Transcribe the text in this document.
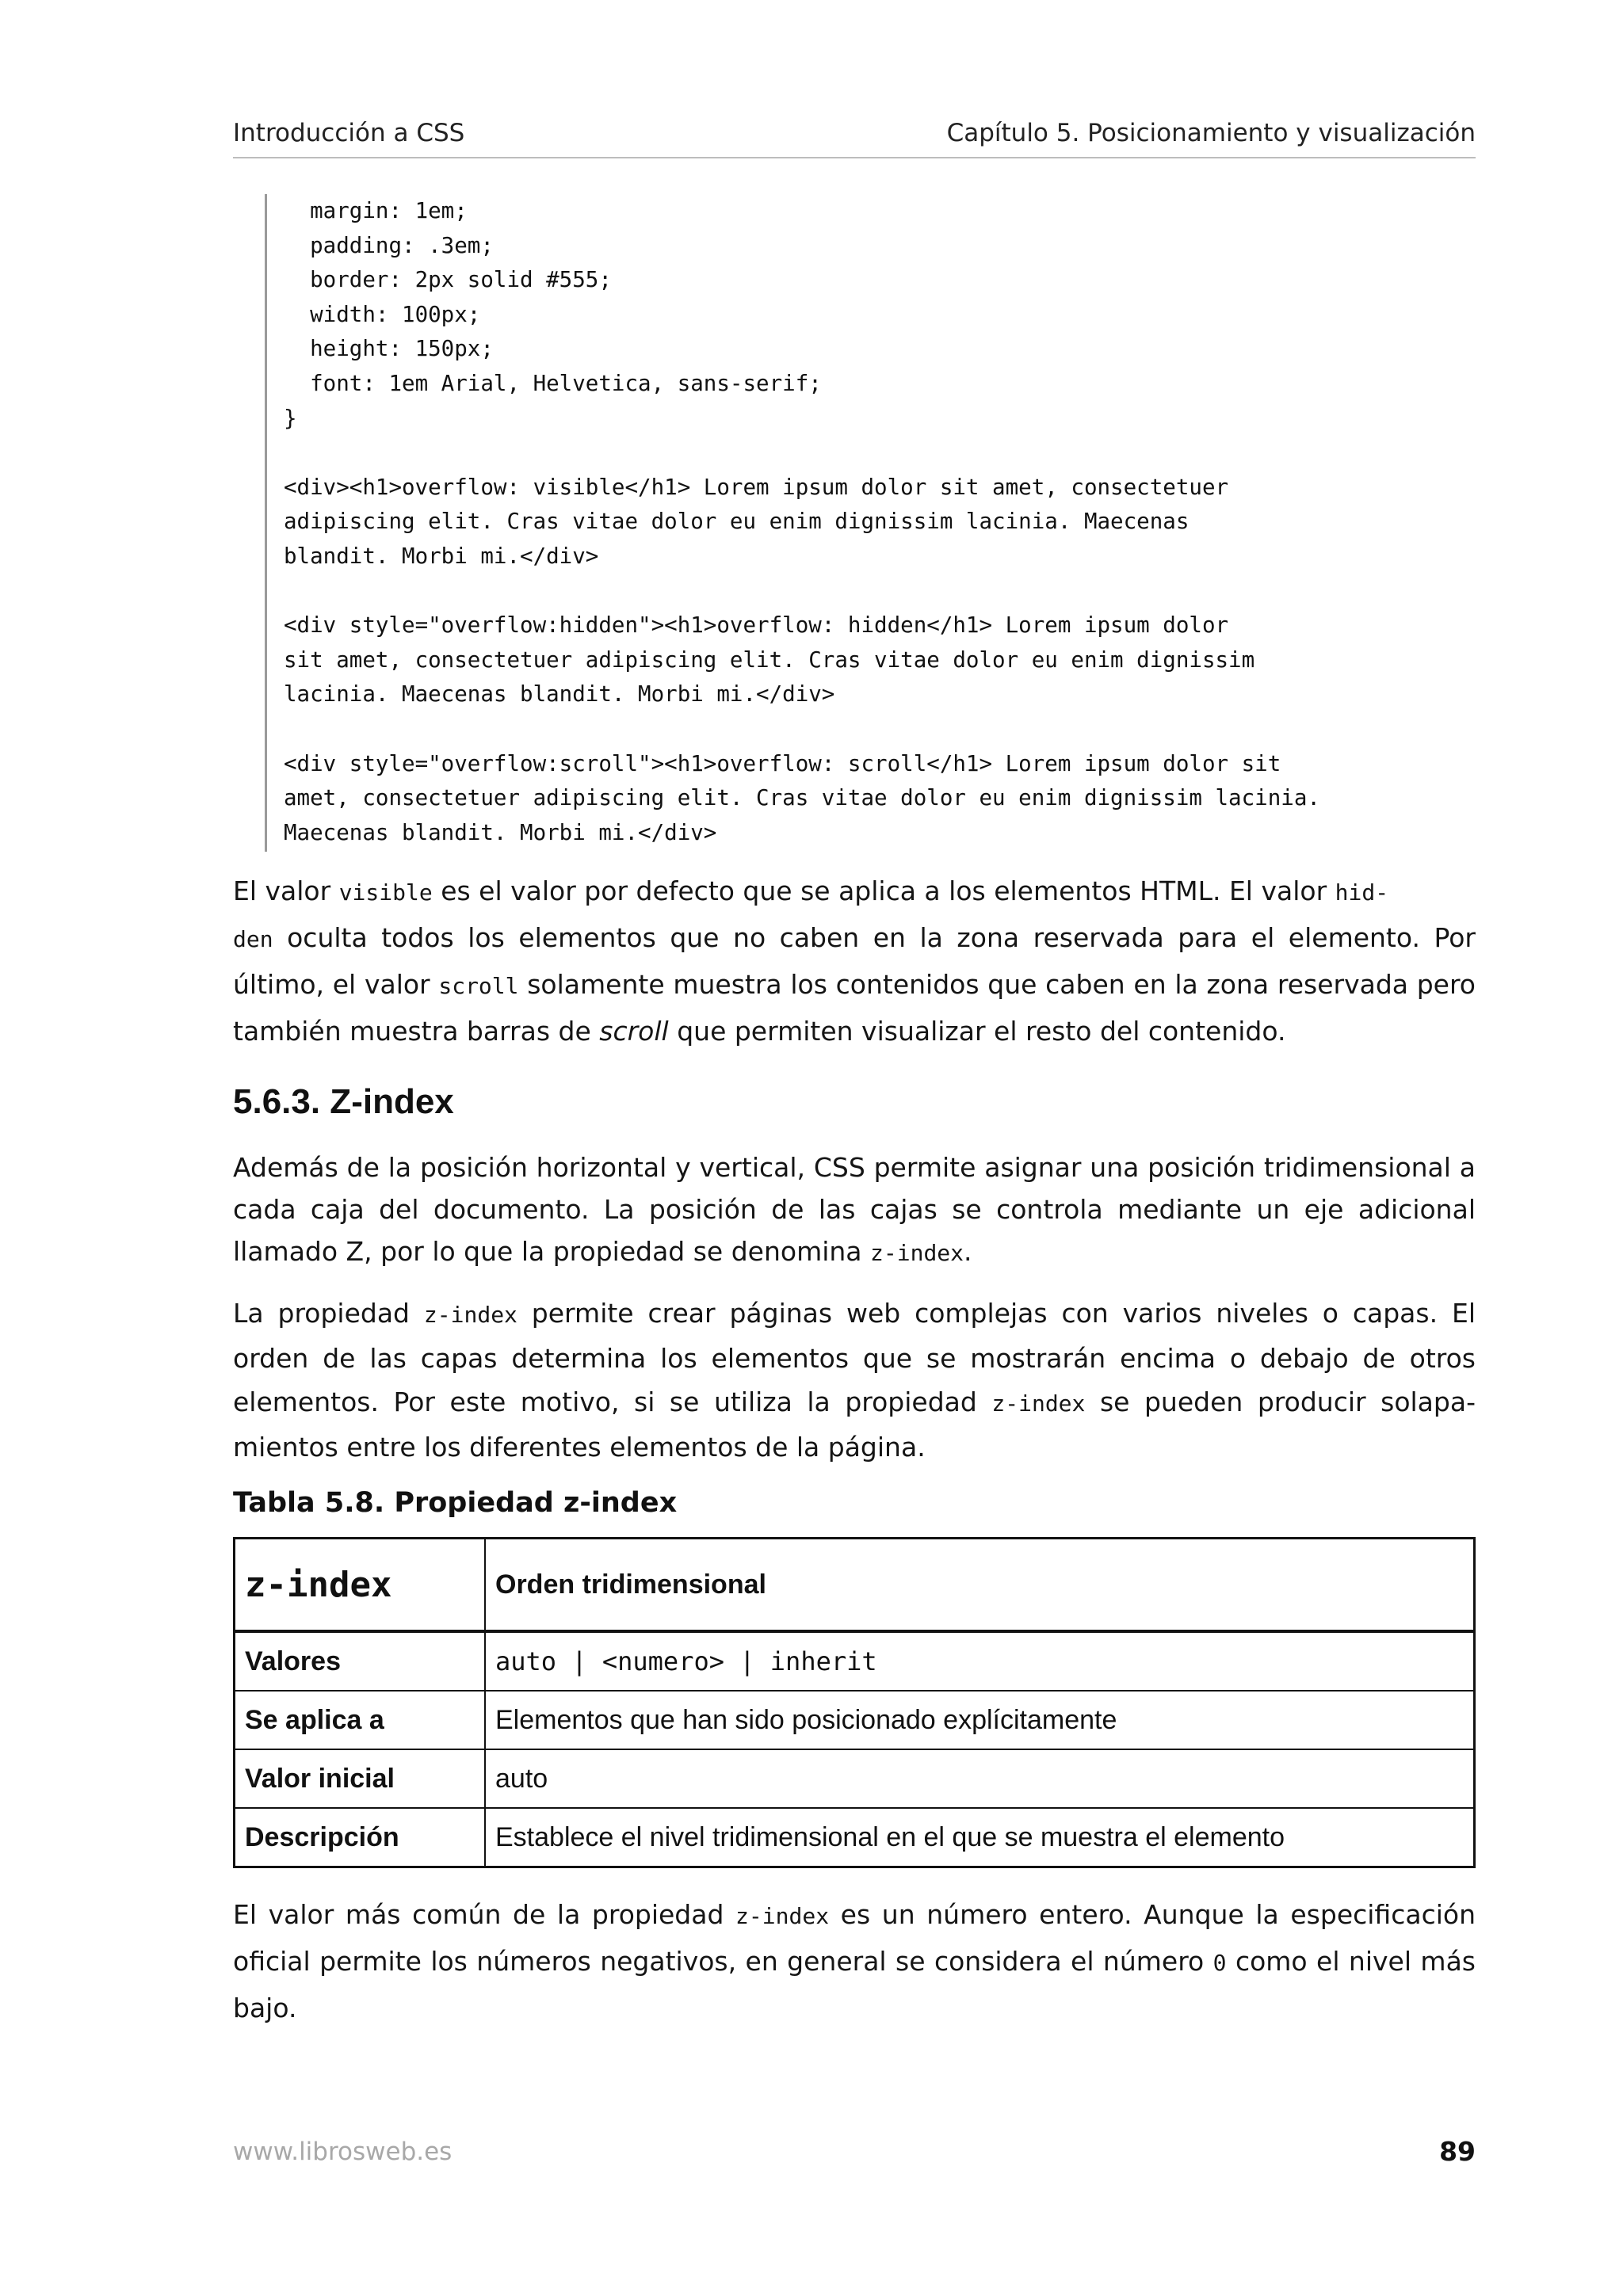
Introducción a CSS	Capítulo 5. Posicionamiento y visualización
margin: 1em;
padding: .3em;
border: 2px solid #555;
width: 100px;
height: 150px;
font: 1em Arial, Helvetica, sans-serif;
}

<div><h1>overflow: visible</h1> Lorem ipsum dolor sit amet, consectetuer
adipiscing elit. Cras vitae dolor eu enim dignissim lacinia. Maecenas
blandit. Morbi mi.</div>

<div style="overflow:hidden"><h1>overflow: hidden</h1> Lorem ipsum dolor
sit amet, consectetuer adipiscing elit. Cras vitae dolor eu enim dignissim
lacinia. Maecenas blandit. Morbi mi.</div>

<div style="overflow:scroll"><h1>overflow: scroll</h1> Lorem ipsum dolor sit
amet, consectetuer adipiscing elit. Cras vitae dolor eu enim dignissim lacinia.
Maecenas blandit. Morbi mi.</div>

El valor visible es el valor por defecto que se aplica a los elementos HTML. El valor hid-
den oculta todos los elementos que no caben en la zona reservada para el elemento. Por último, el valor scroll solamente muestra los contenidos que caben en la zona reservada pero también muestra barras de scroll que permiten visualizar el resto del contenido.

5.6.3. Z-index

Además de la posición horizontal y vertical, CSS permite asignar una posición tridimensional a cada caja del documento. La posición de las cajas se controla mediante un eje adicional llamado Z, por lo que la propiedad se denomina z-index.

La propiedad z-index permite crear páginas web complejas con varios niveles o capas. El orden de las capas determina los elementos que se mostrarán encima o debajo de otros elementos. Por este motivo, si se utiliza la propiedad z-index se pueden producir solapamientos entre los diferentes elementos de la página.

Tabla 5.8. Propiedad z-index

z-index	Orden tridimensional
Valores	auto | <numero> | inherit
Se aplica a	Elementos que han sido posicionado explícitamente
Valor inicial	auto
Descripción	Establece el nivel tridimensional en el que se muestra el elemento

El valor más común de la propiedad z-index es un número entero. Aunque la especificación oficial permite los números negativos, en general se considera el número 0 como el nivel más bajo.

www.librosweb.es	89
